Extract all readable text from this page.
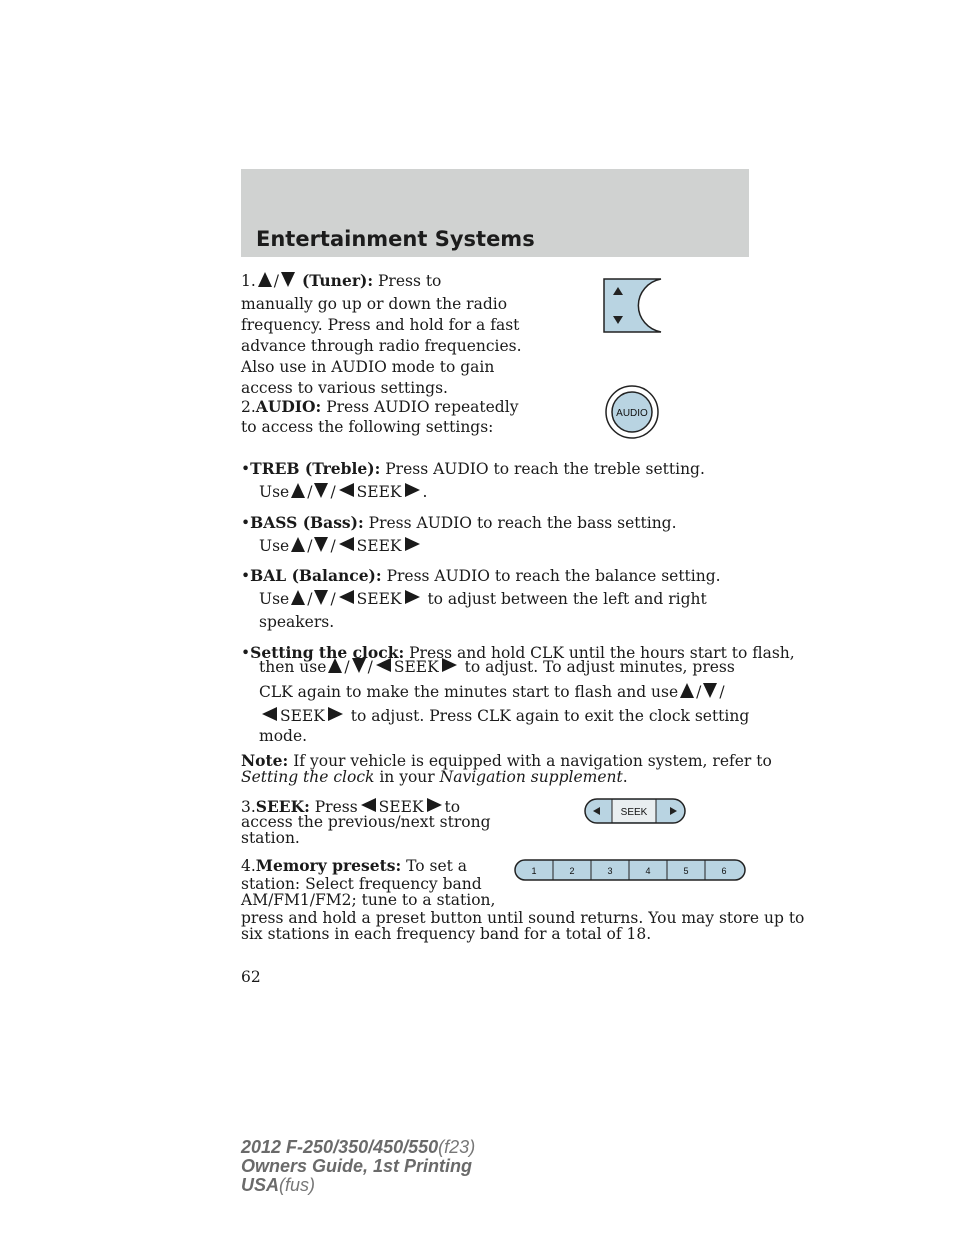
Entertainment Systems
1. / (Tuner): Press to
manually go up or down the radio
frequency. Press and hold for a fast
advance through radio frequencies.
Also use in AUDIO mode to gain
access to various settings.
2.AUDIO: Press AUDIO repeatedly
to access the following settings:
AUDIO
•TREB (Treble): Press AUDIO to reach the treble setting.
Use / / SEEK .
•BASS (Bass): Press AUDIO to reach the bass setting.
Use / / SEEK
•BAL (Balance): Press AUDIO to reach the balance setting.
Use / / SEEK to adjust between the left and right
speakers.
•Setting the clock: Press and hold CLK until the hours start to flash,
then use / / SEEK to adjust. To adjust minutes, press
CLK again to make the minutes start to flash and use / /
SEEK to adjust. Press CLK again to exit the clock setting
mode.
Note: If your vehicle is equipped with a navigation system, refer to
Setting the clock in your Navigation supplement.
3.SEEK: Press SEEK to
access the previous/next strong
station.
SEEK
4.Memory presets: To set a
station: Select frequency band
AM/FM1/FM2; tune to a station,
press and hold a preset button until sound returns. You may store up to
six stations in each frequency band for a total of 18.
1	2	3	4	5	6
62
2012 F-250/350/450/550(f23)
Owners Guide, 1st Printing
USA(fus)
